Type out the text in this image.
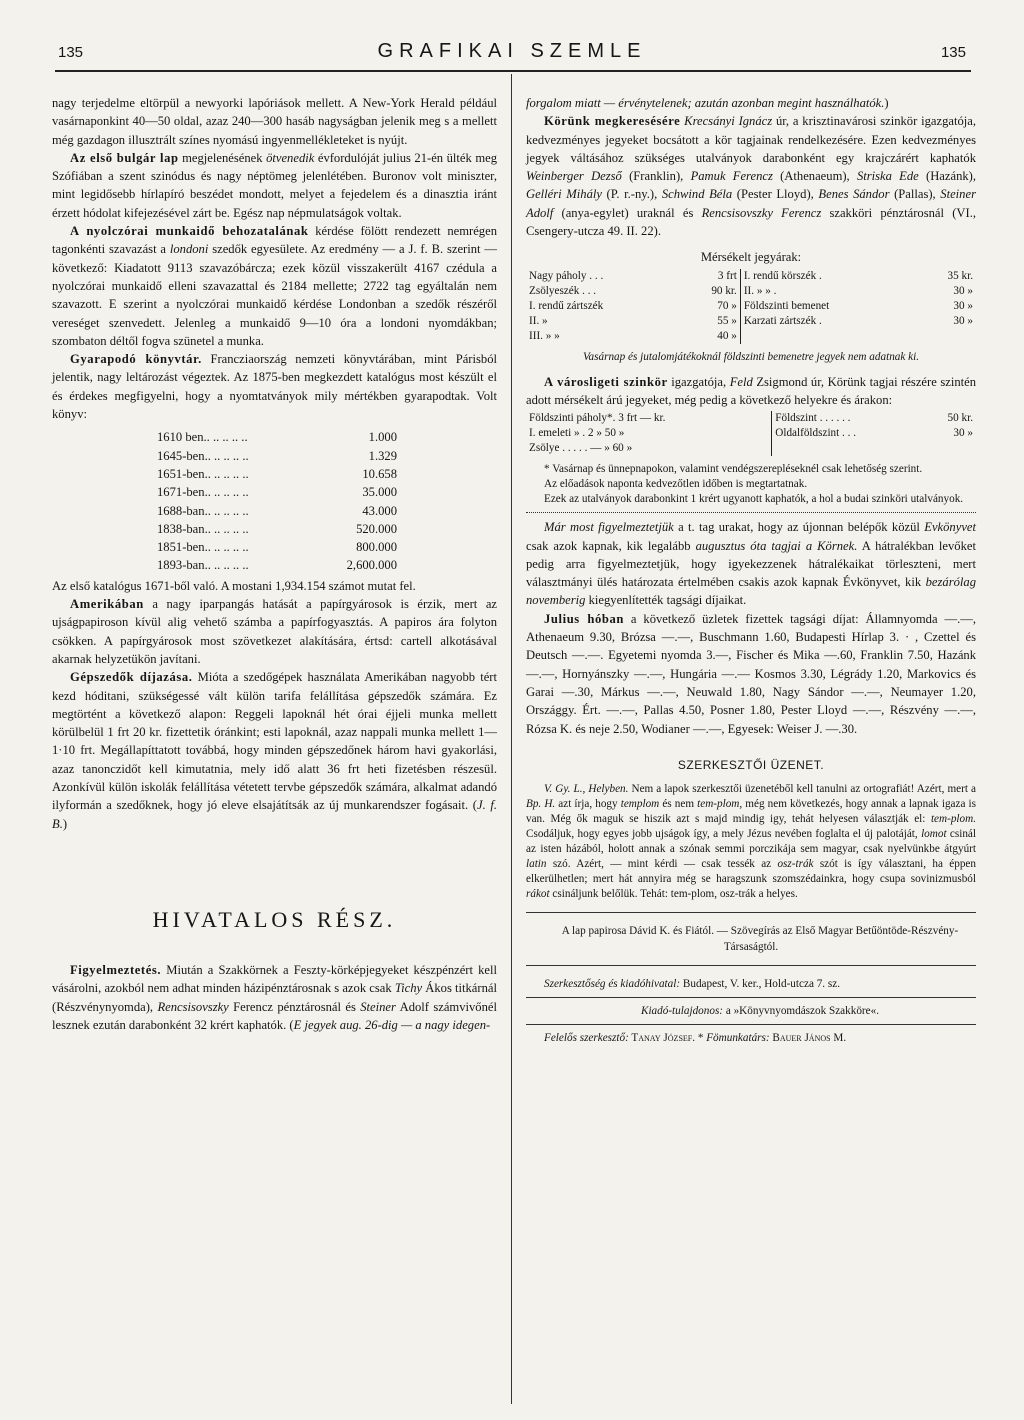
135	GRAFIKAI SZEMLE	135

nagy terjedelme eltörpül a newyorki lapóriások mellett. A New-York Herald például vasárnaponkint 40—50 oldal, azaz 240—300 hasáb nagyságban jelenik meg s a mellett még gazdagon illusztrált színes nyomású ingyenmellékleteket is nyújt.

Az első bulgár lap megjelenésének ötvenedik évfordulóját julius 21-én ülték meg Szófiában a szent szinódus és nagy néptömeg jelenlétében. Buronov volt miniszter, mint legidősebb hírlapíró beszédet mondott, melyet a fejedelem és a dinasztia iránt érzett hódolat kifejezésével zárt be. Egész nap népmulatságok voltak.

A nyolczórai munkaidő behozatalának kérdése fölött rendezett nemrégen tagonkénti szavazást a londoni szedők egyesülete. Az eredmény — a J. f. B. szerint — következő: Kiadatott 9113 szavazóbárcza; ezek közül visszakerült 4167 czédula a nyolczórai munkaidő elleni szavazattal és 2184 mellette; 2722 tag egyáltalán nem szavazott. E szerint a nyolczórai munkaidő kérdése Londonban a szedők részéről vereséget szenvedett. Jelenleg a munkaidő 9—10 óra a londoni nyomdákban; szombaton déltől fogva szünetel a munka.

Gyarapodó könyvtár. Francziaország nemzeti könyvtárában, mint Párisból jelentik, nagy leltározást végeztek. Az 1875-ben megkezdett katalógus most készült el és érdekes megfigyelni, hogy a nyomtatványok mily mértékben gyarapodtak. Volt könyv:

1610 ben.. .. .. .. ..	1.000
1645-ben.. .. .. .. ..	1.329
1651-ben.. .. .. .. ..	10.658
1671-ben.. .. .. .. ..	35.000
1688-ban.. .. .. .. ..	43.000
1838-ban.. .. .. .. ..	520.000
1851-ben.. .. .. .. ..	800.000
1893-ban.. .. .. .. ..	2,600.000

Az első katalógus 1671-ből való. A mostani 1,934.154 számot mutat fel.

Amerikában a nagy iparpangás hatását a papírgyárosok is érzik, mert az ujságpapiroson kívül alig vehető számba a papírfogyasztás. A papiros ára folyton csökken. A papírgyárosok most szövetkezet alakítására, értsd: cartell alkotásával akarnak helyzetükön javítani.

Gépszedők díjazása. Mióta a szedőgépek használata Amerikában nagyobb tért kezd hóditani, szükségessé vált külön tarifa felállítása gépszedők számára. Ez megtörtént a következő alapon: Reggeli lapoknál hét órai éjjeli munka mellett körülbelül 1 frt 20 kr. fizettetik óránkint; esti lapoknál, azaz nappali munka mellett 1—1·10 frt. Megállapíttatott továbbá, hogy minden gépszedőnek három havi gyakorlási, azaz tanonczidőt kell kimutatnia, mely idő alatt 36 frt heti fizetésben részesül. Azonkívül külön iskolák felállítása vétetett tervbe gépszedők számára, alkalmat adandó ilyformán a szedőknek, hogy jó eleve elsajátítsák az új munkarendszer fogásait. (J. f. B.)

HIVATALOS RÉSZ.

Figyelmeztetés. Miután a Szakkörnek a Feszty-körképjegyeket készpénzért kell vásárolni, azokból nem adhat minden házipénztárosnak s azok csak Tichy Ákos titkárnál (Részvénynyomda), Rencsisovszky Ferencz pénztárosnál és Steiner Adolf számvivőnél lesznek ezután darabonként 32 krért kaphatók. (E jegyek aug. 26-dig — a nagy idegen-

forgalom miatt — érvénytelenek; azután azonban megint használhatók.)

Körünk megkeresésére Krecsányi Ignácz úr, a krisztinavárosi szinkör igazgatója, kedvezményes jegyeket bocsátott a kör tagjainak rendelkezésére. Ezen kedvezményes jegyek váltásához szükséges utalványok darabonként egy krajczárért kaphatók Weinberger Dezső (Franklin), Pamuk Ferencz (Athenaeum), Striska Ede (Hazánk), Gelléri Mihály (P. r.-ny.), Schwind Béla (Pester Lloyd), Benes Sándor (Pallas), Steiner Adolf (anya-egylet) uraknál és Rencsisovszky Ferencz szakköri pénztárosnál (VI., Csengery-utcza 49. II. 22).

Mérsékelt jegyárak:

Nagy páholy . . .	3 frt	I. rendű körszék .	35 kr.
Zsölyeszék . . .	90 kr.	II. » » .	30 »
I. rendű zártszék	70 »	Földszinti bemenet	30 »
II. »	55 »	Karzati zártszék .	30 »
III. » »	40 »		

Vasárnap és jutalomjátékoknál földszinti bemenetre jegyek nem adatnak ki.

A városligeti szinkör igazgatója, Feld Zsigmond úr, Körünk tagjai részére szintén adott mérsékelt árú jegyeket, még pedig a következő helyekre és árakon:

Földszinti páholy*. 3 frt — kr.	Földszint . . . . . .	50 kr.
I. emeleti » . 2 » 50 »	Oldalföldszint . . .	30 »
Zsölye . . . . . — » 60 »		

* Vasárnap és ünnepnapokon, valamint vendégszerepléseknél csak lehetőség szerint.

Az előadások naponta kedvezőtlen időben is megtartatnak.

Ezek az utalványok darabonkint 1 krért ugyanott kaphatók, a hol a budai szinköri utalványok.

Már most figyelmeztetjük a t. tag urakat, hogy az újonnan belépők közül Evkönyvet csak azok kapnak, kik legalább augusztus óta tagjai a Körnek. A hátralékban levőket pedig arra figyelmeztetjük, hogy igyekezzenek hátralékaikat törleszteni, mert választmányi ülés határozata értelmében csakis azok kapnak Évkönyvet, kik bezárólag novemberig kiegyenlítették tagsági díjaikat.

Julius hóban a következő üzletek fizettek tagsági díjat: Államnyomda —.—, Athenaeum 9.30, Brózsa —.—, Buschmann 1.60, Budapesti Hírlap 3. · , Czettel és Deutsch —.—. Egyetemi nyomda 3.—, Fischer és Mika —.60, Franklin 7.50, Hazánk —.—, Hornyánszky —.—, Hungária —.— Kosmos 3.30, Légrády 1.20, Markovics és Garai —.30, Márkus —.—, Neuwald 1.80, Nagy Sándor —.—, Neumayer 1.20, Országgy. Ért. —.—, Pallas 4.50, Posner 1.80, Pester Lloyd —.—, Részvény —.—, Rózsa K. és neje 2.50, Wodianer —.—, Egyesek: Weiser J. —.30.

SZERKESZTŐI ÜZENET.

V. Gy. L., Helyben. Nem a lapok szerkesztői üzenetéből kell tanulni az ortografiát! Azért, mert a Bp. H. azt írja, hogy templom és nem tem-plom, még nem következés, hogy annak a lapnak igaza is van. Még ők maguk se hiszik azt s majd mindig igy, tehát helyesen választják el: tem-plom. Csodáljuk, hogy egyes jobb ujságok így, a mely Jézus nevében foglalta el új palotáját, lomot csinál az isten házából, holott annak a szónak semmi porczikája sem magyar, csak nyelvünkbe átgyúrt latin szó. Azért, — mint kérdi — csak tessék az osz-trák szót is így választani, ha éppen elkerülhetlen; mert hát annyira még se haragszunk szomszédainkra, hogy csupa sovinizmusból rákot csináljunk belőlük. Tehát: tem-plom, osz-trák a helyes.

A lap papirosa Dávid K. és Fiától. — Szövegírás az Első Magyar Betűöntöde-Részvény-Társaságtól.

Szerkesztőség és kiadóhivatal: Budapest, V. ker., Hold-utcza 7. sz.

Kiadó-tulajdonos: a »Könyvnyomdászok Szakköre«.

Felelős szerkesztő: Tanay József. * Fömunkatárs: Bauer János M.
